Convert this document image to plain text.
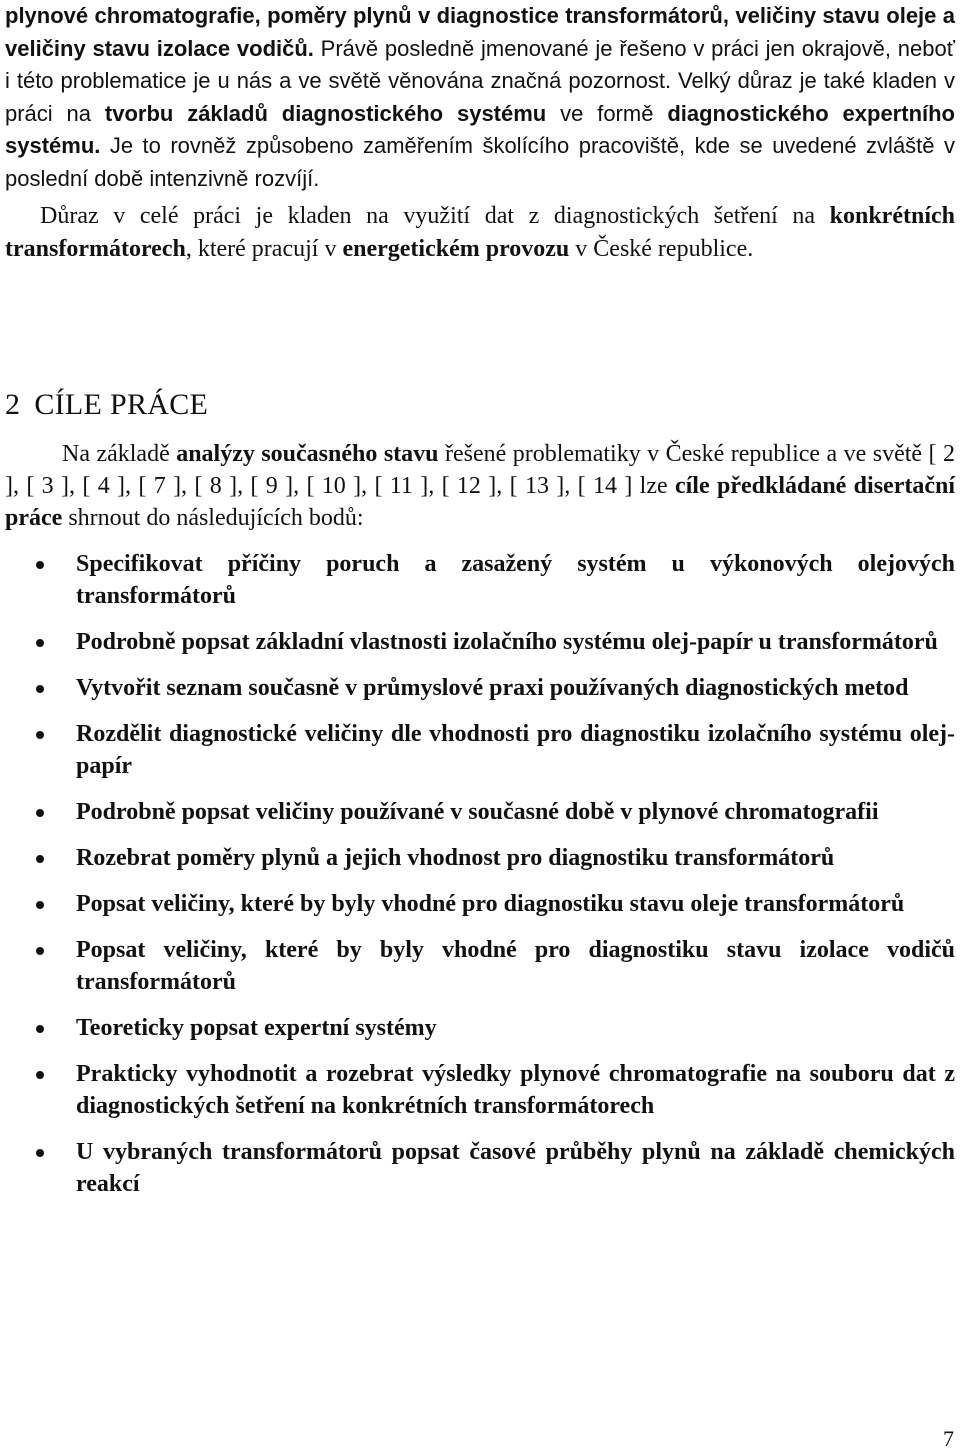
plynové chromatografie, poměry plynů v diagnostice transformátorů, veličiny stavu oleje a veličiny stavu izolace vodičů. Právě posledně jmenované je řešeno v práci jen okrajově, neboť i této problematice je u nás a ve světě věnována značná pozornost. Velký důraz je také kladen v práci na tvorbu základů diagnostického systému ve formě diagnostického expertního systému. Je to rovněž způsobeno zaměřením školícího pracoviště, kde se uvedené zvláště v poslední době intenzivně rozvíjí.

Důraz v celé práci je kladen na využití dat z diagnostických šetření na konkrétních transformátorech, které pracují v energetickém provozu v České republice.

2 CÍLE PRÁCE

Na základě analýzy současného stavu řešené problematiky v České republice a ve světě [ 2 ], [ 3 ], [ 4 ], [ 7 ], [ 8 ], [ 9 ], [ 10 ], [ 11 ], [ 12 ], [ 13 ], [ 14 ] lze cíle předkládané disertační práce shrnout do následujících bodů:

Specifikovat příčiny poruch a zasažený systém u výkonových olejových transformátorů
Podrobně popsat základní vlastnosti izolačního systému olej-papír u transformátorů
Vytvořit seznam současně v průmyslové praxi používaných diagnostických metod
Rozdělit diagnostické veličiny dle vhodnosti pro diagnostiku izolačního systému olej-papír
Podrobně popsat veličiny používané v současné době v plynové chromatografii
Rozebrat poměry plynů a jejich vhodnost pro diagnostiku transformátorů
Popsat veličiny, které by byly vhodné pro diagnostiku stavu oleje transformátorů
Popsat veličiny, které by byly vhodné pro diagnostiku stavu izolace vodičů transformátorů
Teoreticky popsat expertní systémy
Prakticky vyhodnotit a rozebrat výsledky plynové chromatografie na souboru dat z diagnostických šetření na konkrétních transformátorech
U vybraných transformátorů popsat časové průběhy plynů na základě chemických reakcí
7
